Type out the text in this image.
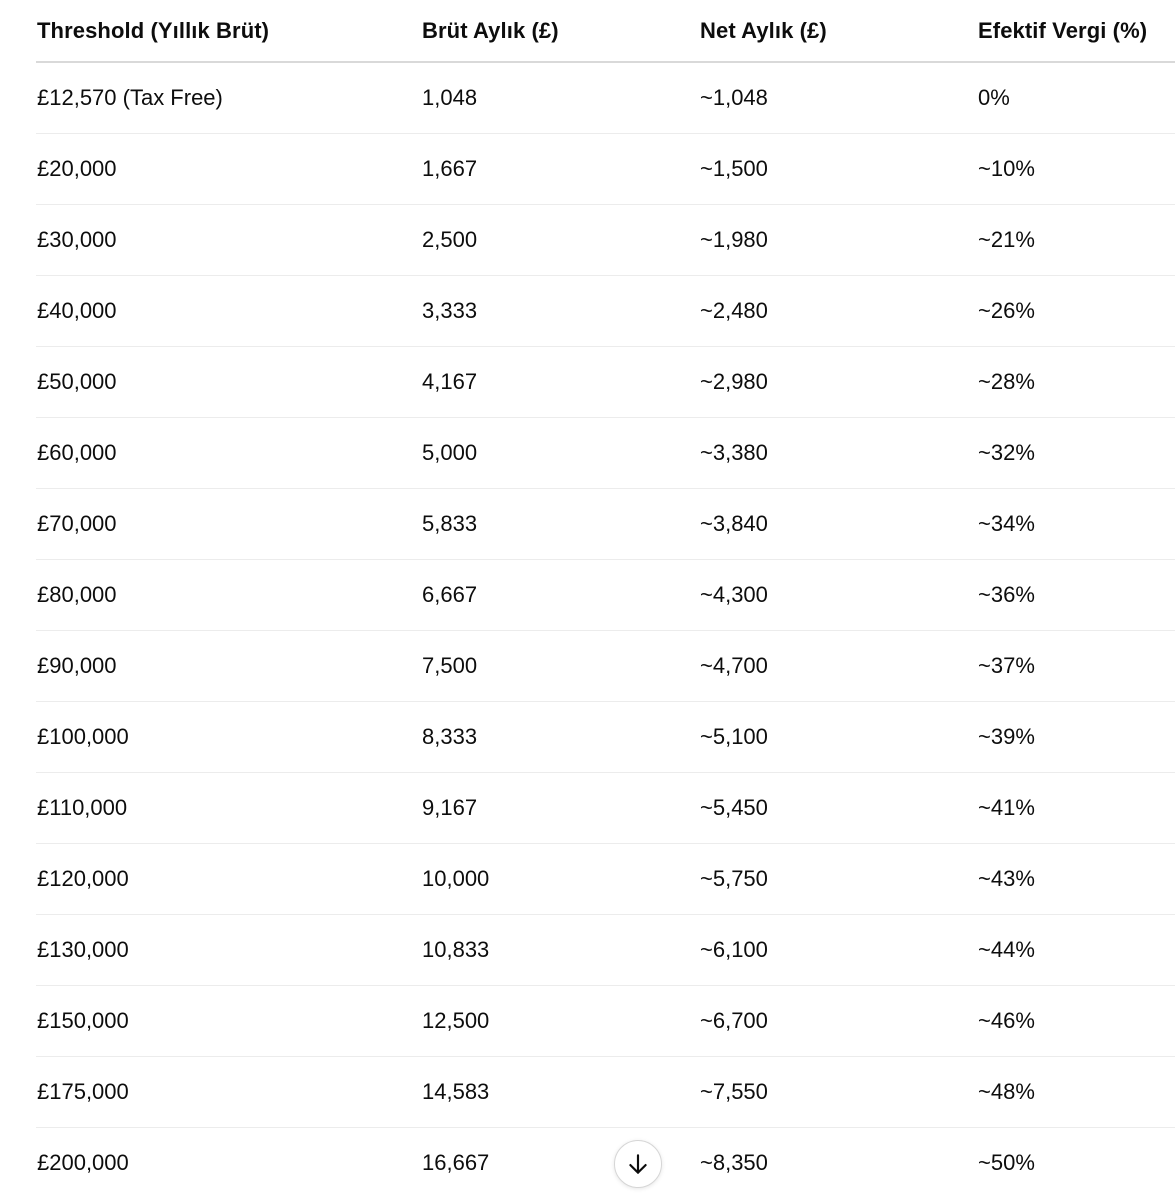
Threshold (Yıllık Brüt)	Brüt Aylık (£)	Net Aylık (£)	Efektif Vergi (%)
£12,570 (Tax Free)	1,048	~1,048	0%
£20,000	1,667	~1,500	~10%
£30,000	2,500	~1,980	~21%
£40,000	3,333	~2,480	~26%
£50,000	4,167	~2,980	~28%
£60,000	5,000	~3,380	~32%
£70,000	5,833	~3,840	~34%
£80,000	6,667	~4,300	~36%
£90,000	7,500	~4,700	~37%
£100,000	8,333	~5,100	~39%
£110,000	9,167	~5,450	~41%
£120,000	10,000	~5,750	~43%
£130,000	10,833	~6,100	~44%
£150,000	12,500	~6,700	~46%
£175,000	14,583	~7,550	~48%
£200,000	16,667	~8,350	~50%
